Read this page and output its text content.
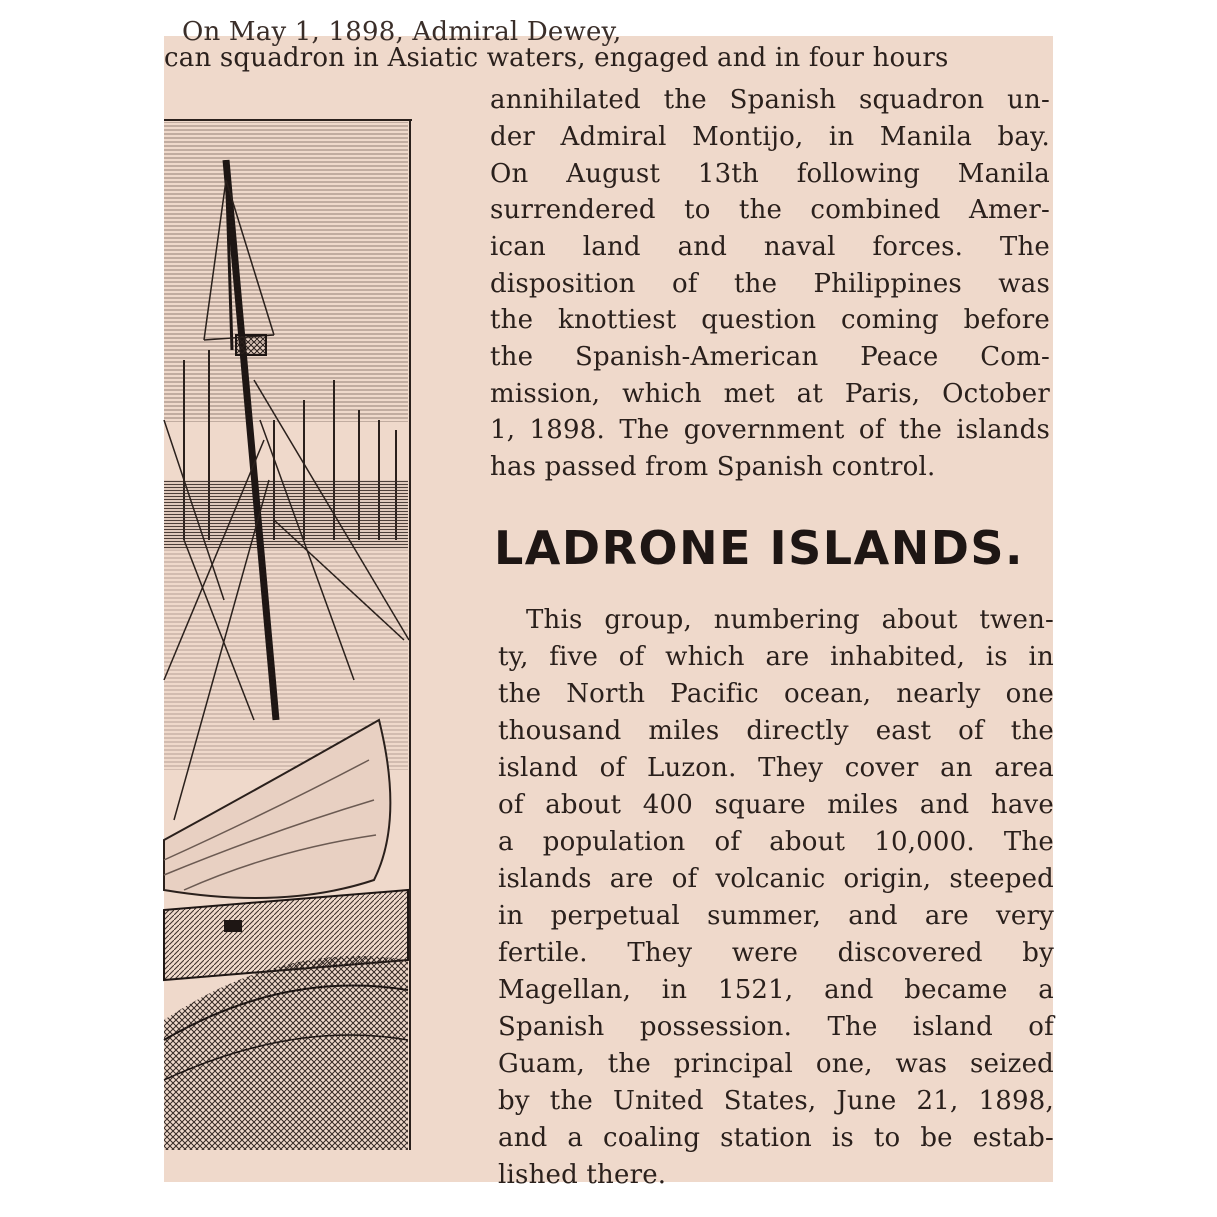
On May 1, 1898, Admiral Dewey,

can squadron in Asiatic waters, engaged and in four hours

annihilated the Spanish squadron un-

der Admiral Montijo, in Manila bay.

On August 13th following Manila

surrendered to the combined Amer-

ican land and naval forces. The

disposition of the Philippines was

the knottiest question coming before

the Spanish-American Peace Com-

mission, which met at Paris, October

1, 1898. The government of the islands

has passed from Spanish control.

LADRONE ISLANDS.

This group, numbering about twen-

ty, five of which are inhabited, is in

the North Pacific ocean, nearly one

thousand miles directly east of the

island of Luzon. They cover an area

of about 400 square miles and have

a population of about 10,000. The

islands are of volcanic origin, steeped

in perpetual summer, and are very

fertile. They were discovered by

Magellan, in 1521, and became a

Spanish possession. The island of

Guam, the principal one, was seized

by the United States, June 21, 1898,

and a coaling station is to be estab-

lished there.
